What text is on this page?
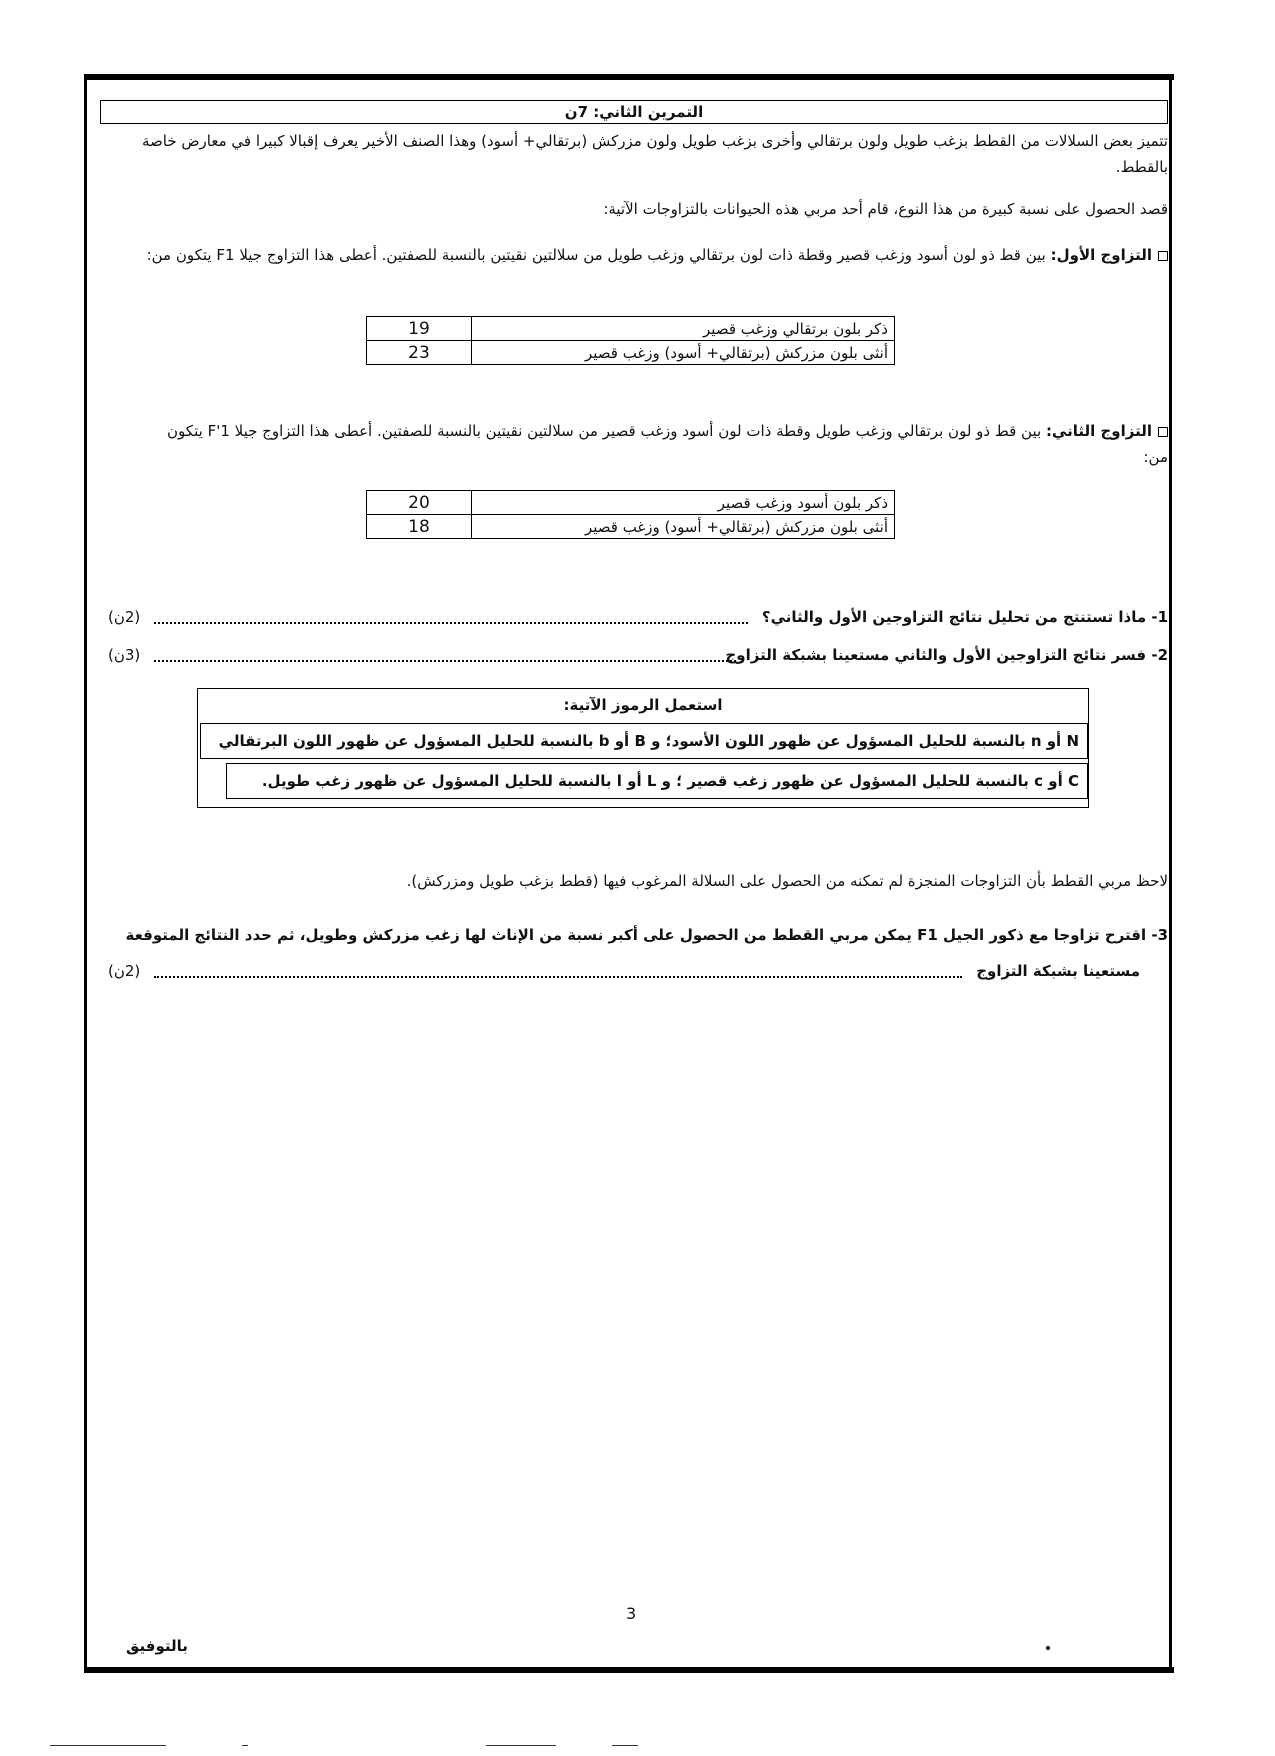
التمرين الثاني: 7ن
تتميز بعض السلالات من القطط بزغب طويل ولون برتقالي وأخرى بزغب طويل ولون مزركش (برتقالي+ أسود) وهذا الصنف الأخير يعرف إقبالا كبيرا في معارض خاصة بالقطط.
قصد الحصول على نسبة كبيرة من هذا النوع، قام أحد مربي هذه الحيوانات بالتزاوجات الآتية:
التزاوج الأول: بين قط ذو لون أسود وزغب قصير وقطة ذات لون برتقالي وزغب طويل من سلالتين نقيتين بالنسبة للصفتين. أعطى هذا التزاوج جيلا F1 يتكون من:
ذكر بلون برتقالي وزغب قصير	19
أنثى بلون مزركش (برتقالي+ أسود) وزغب قصير	23
التزاوج الثاني: بين قط ذو لون برتقالي وزغب طويل وقطة ذات لون أسود وزغب قصير من سلالتين نقيتين بالنسبة للصفتين. أعطى هذا التزاوج جيلا F'1 يتكون من:
ذكر بلون أسود وزغب قصير	20
أنثى بلون مزركش (برتقالي+ أسود) وزغب قصير	18
1- ماذا تستنتج من تحليل نتائج التزاوجين الأول والثاني؟
(2ن)
2- فسر نتائج التزاوجين الأول والثاني مستعينا بشبكة التزاوج
(3ن)
استعمل الرموز الآتية:
N أو n بالنسبة للحليل المسؤول عن ظهور اللون الأسود؛ و B أو b بالنسبة للحليل المسؤول عن ظهور اللون البرتقالي
C أو c بالنسبة للحليل المسؤول عن ظهور زغب قصير ؛ و L أو l بالنسبة للحليل المسؤول عن ظهور زغب طويل.
لاحظ مربي القطط بأن التزاوجات المنجزة لم تمكنه من الحصول على السلالة المرغوب فيها (قطط بزغب طويل ومزركش).
3- اقترح تزاوجا مع ذكور الجيل F1 يمكن مربي القطط من الحصول على أكبر نسبة من الإناث لها زغب مزركش وطويل، ثم حدد النتائج المتوقعة
مستعينا بشبكة التزاوج
(2ن)
3
بالتوفيق
